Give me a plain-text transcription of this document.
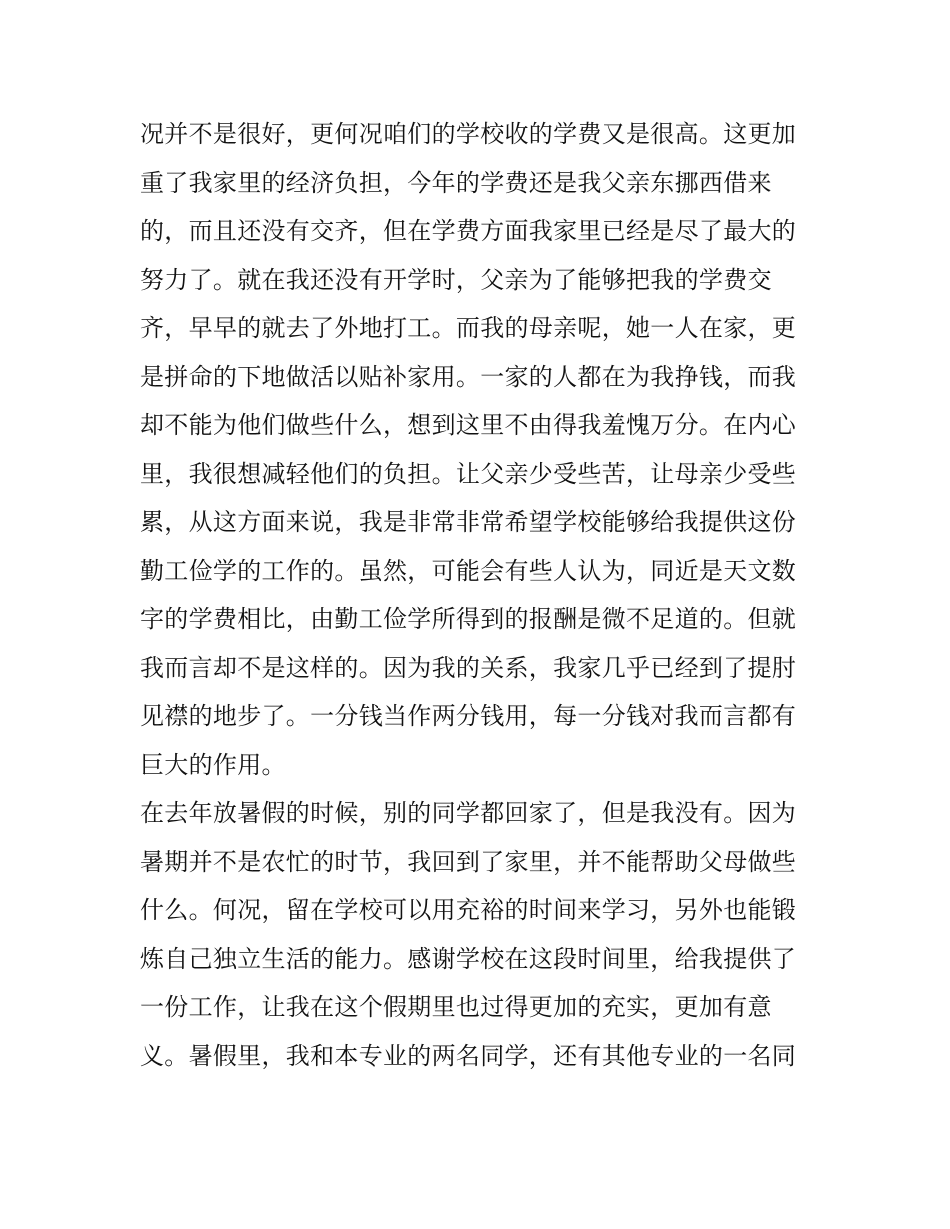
况并不是很好，更何况咱们的学校收的学费又是很高。这更加
重了我家里的经济负担，今年的学费还是我父亲东挪西借来
的，而且还没有交齐，但在学费方面我家里已经是尽了最大的
努力了。就在我还没有开学时，父亲为了能够把我的学费交
齐，早早的就去了外地打工。而我的母亲呢，她一人在家，更
是拼命的下地做活以贴补家用。一家的人都在为我挣钱，而我
却不能为他们做些什么，想到这里不由得我羞愧万分。在内心
里，我很想减轻他们的负担。让父亲少受些苦，让母亲少受些
累，从这方面来说，我是非常非常希望学校能够给我提供这份
勤工俭学的工作的。虽然，可能会有些人认为，同近是天文数
字的学费相比，由勤工俭学所得到的报酬是微不足道的。但就
我而言却不是这样的。因为我的关系，我家几乎已经到了提肘
见襟的地步了。一分钱当作两分钱用，每一分钱对我而言都有
巨大的作用。
在去年放暑假的时候，别的同学都回家了，但是我没有。因为
暑期并不是农忙的时节，我回到了家里，并不能帮助父母做些
什么。何况，留在学校可以用充裕的时间来学习，另外也能锻
炼自己独立生活的能力。感谢学校在这段时间里，给我提供了
一份工作，让我在这个假期里也过得更加的充实，更加有意
义。暑假里，我和本专业的两名同学，还有其他专业的一名同
